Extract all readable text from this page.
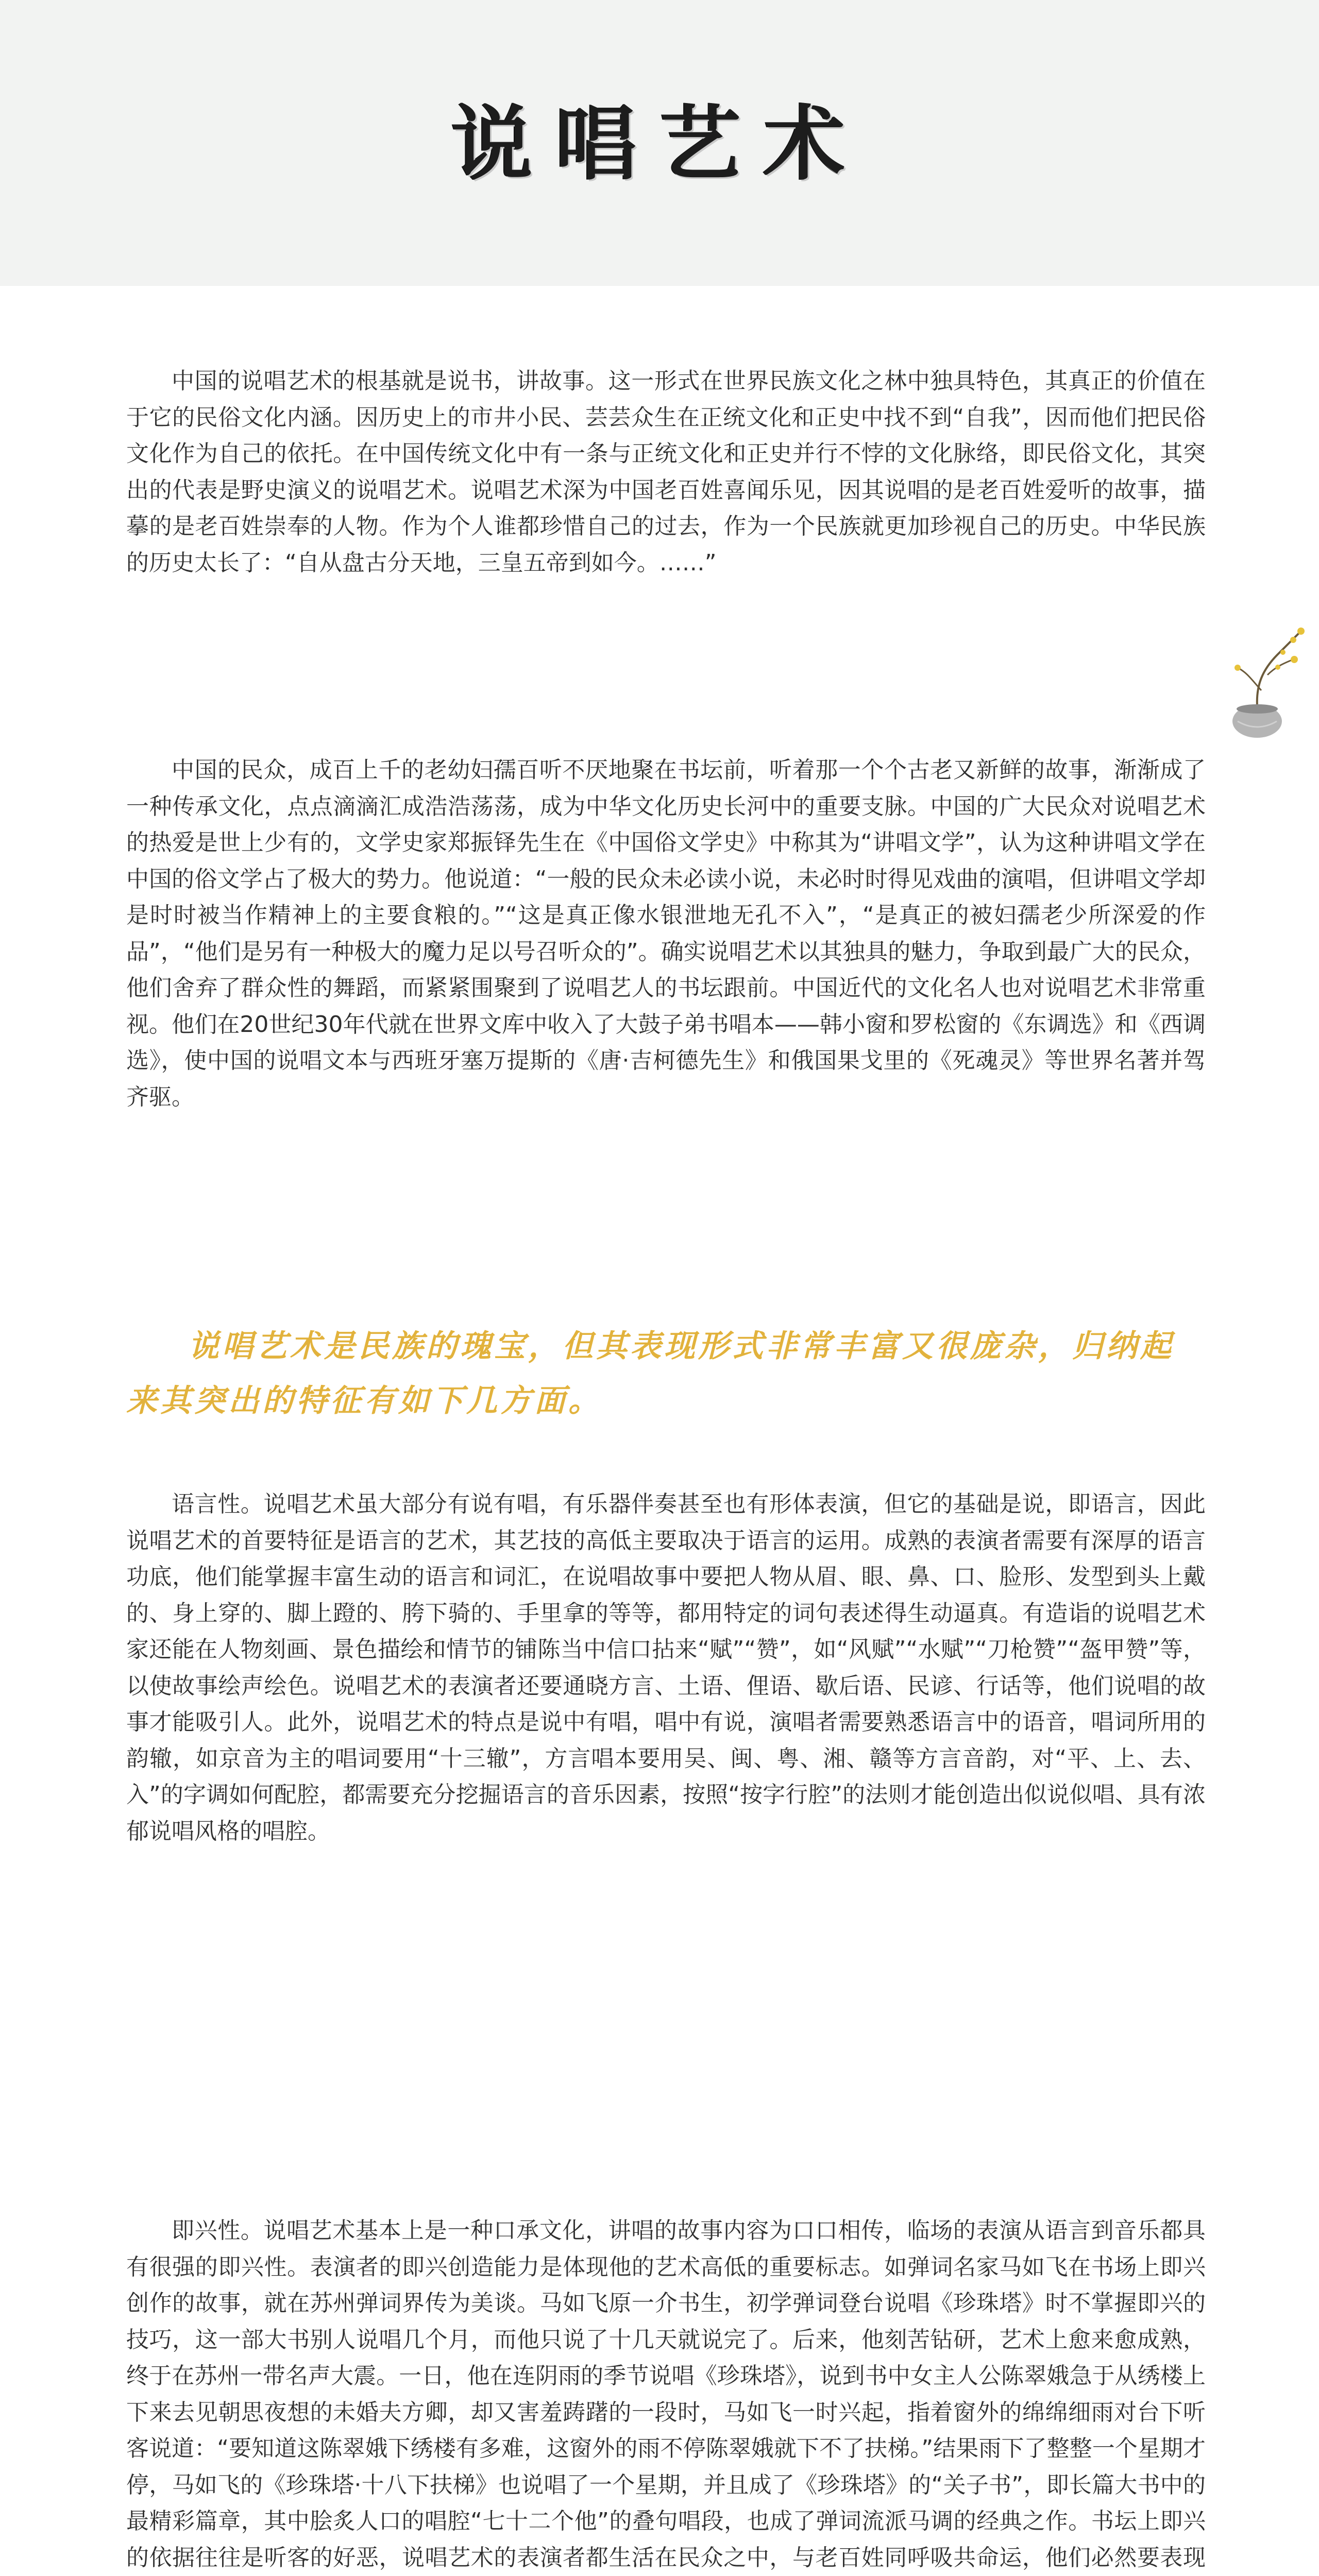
说唱艺术

中国的说唱艺术的根基就是说书，讲故事。这一形式在世界民族文化之林中独具特色，其真正的价值在于它的民俗文化内涵。因历史上的市井小民、芸芸众生在正统文化和正史中找不到“自我”，因而他们把民俗文化作为自己的依托。在中国传统文化中有一条与正统文化和正史并行不悖的文化脉络，即民俗文化，其突出的代表是野史演义的说唱艺术。说唱艺术深为中国老百姓喜闻乐见，因其说唱的是老百姓爱听的故事，描摹的是老百姓崇奉的人物。作为个人谁都珍惜自己的过去，作为一个民族就更加珍视自己的历史。中华民族的历史太长了：“自从盘古分天地，三皇五帝到如今。……”

中国的民众，成百上千的老幼妇孺百听不厌地聚在书坛前，听着那一个个古老又新鲜的故事，渐渐成了一种传承文化，点点滴滴汇成浩浩荡荡，成为中华文化历史长河中的重要支脉。中国的广大民众对说唱艺术的热爱是世上少有的，文学史家郑振铎先生在《中国俗文学史》中称其为“讲唱文学”，认为这种讲唱文学在中国的俗文学占了极大的势力。他说道：“一般的民众未必读小说，未必时时得见戏曲的演唱，但讲唱文学却是时时被当作精神上的主要食粮的。”“这是真正像水银泄地无孔不入”，“是真正的被妇孺老少所深爱的作品”，“他们是另有一种极大的魔力足以号召听众的”。确实说唱艺术以其独具的魅力，争取到最广大的民众，他们舍弃了群众性的舞蹈，而紧紧围聚到了说唱艺人的书坛跟前。中国近代的文化名人也对说唱艺术非常重视。他们在20世纪30年代就在世界文库中收入了大鼓子弟书唱本——韩小窗和罗松窗的《东调选》和《西调选》，使中国的说唱文本与西班牙塞万提斯的《唐·吉柯德先生》和俄国果戈里的《死魂灵》等世界名著并驾齐驱。

说唱艺术是民族的瑰宝，但其表现形式非常丰富又很庞杂，归纳起来其突出的特征有如下几方面。

语言性。说唱艺术虽大部分有说有唱，有乐器伴奏甚至也有形体表演，但它的基础是说，即语言，因此说唱艺术的首要特征是语言的艺术，其艺技的高低主要取决于语言的运用。成熟的表演者需要有深厚的语言功底，他们能掌握丰富生动的语言和词汇，在说唱故事中要把人物从眉、眼、鼻、口、脸形、发型到头上戴的、身上穿的、脚上蹬的、胯下骑的、手里拿的等等，都用特定的词句表述得生动逼真。有造诣的说唱艺术家还能在人物刻画、景色描绘和情节的铺陈当中信口拈来“赋”“赞”，如“风赋”“水赋”“刀枪赞”“盔甲赞”等，以使故事绘声绘色。说唱艺术的表演者还要通晓方言、土语、俚语、歇后语、民谚、行话等，他们说唱的故事才能吸引人。此外，说唱艺术的特点是说中有唱，唱中有说，演唱者需要熟悉语言中的语音，唱词所用的韵辙，如京音为主的唱词要用“十三辙”，方言唱本要用吴、闽、粤、湘、赣等方言音韵，对“平、上、去、入”的字调如何配腔，都需要充分挖掘语言的音乐因素，按照“按字行腔”的法则才能创造出似说似唱、具有浓郁说唱风格的唱腔。

即兴性。说唱艺术基本上是一种口承文化，讲唱的故事内容为口口相传，临场的表演从语言到音乐都具有很强的即兴性。表演者的即兴创造能力是体现他的艺术高低的重要标志。如弹词名家马如飞在书场上即兴创作的故事，就在苏州弹词界传为美谈。马如飞原一介书生，初学弹词登台说唱《珍珠塔》时不掌握即兴的技巧，这一部大书别人说唱几个月，而他只说了十几天就说完了。后来，他刻苦钻研，艺术上愈来愈成熟，终于在苏州一带名声大震。一日，他在连阴雨的季节说唱《珍珠塔》，说到书中女主人公陈翠娥急于从绣楼上下来去见朝思夜想的未婚夫方卿，却又害羞踌躇的一段时，马如飞一时兴起，指着窗外的绵绵细雨对台下听客说道：“要知道这陈翠娥下绣楼有多难，这窗外的雨不停陈翠娥就下不了扶梯。”结果雨下了整整一个星期才停，马如飞的《珍珠塔·十八下扶梯》也说唱了一个星期，并且成了《珍珠塔》的“关子书”，即长篇大书中的最精彩篇章，其中脍炙人口的唱腔“七十二个他”的叠句唱段，也成了弹词流派马调的经典之作。书坛上即兴的依据往往是听客的好恶，说唱艺术的表演者都生活在民众之中，与老百姓同呼吸共命运，他们必然要表现
